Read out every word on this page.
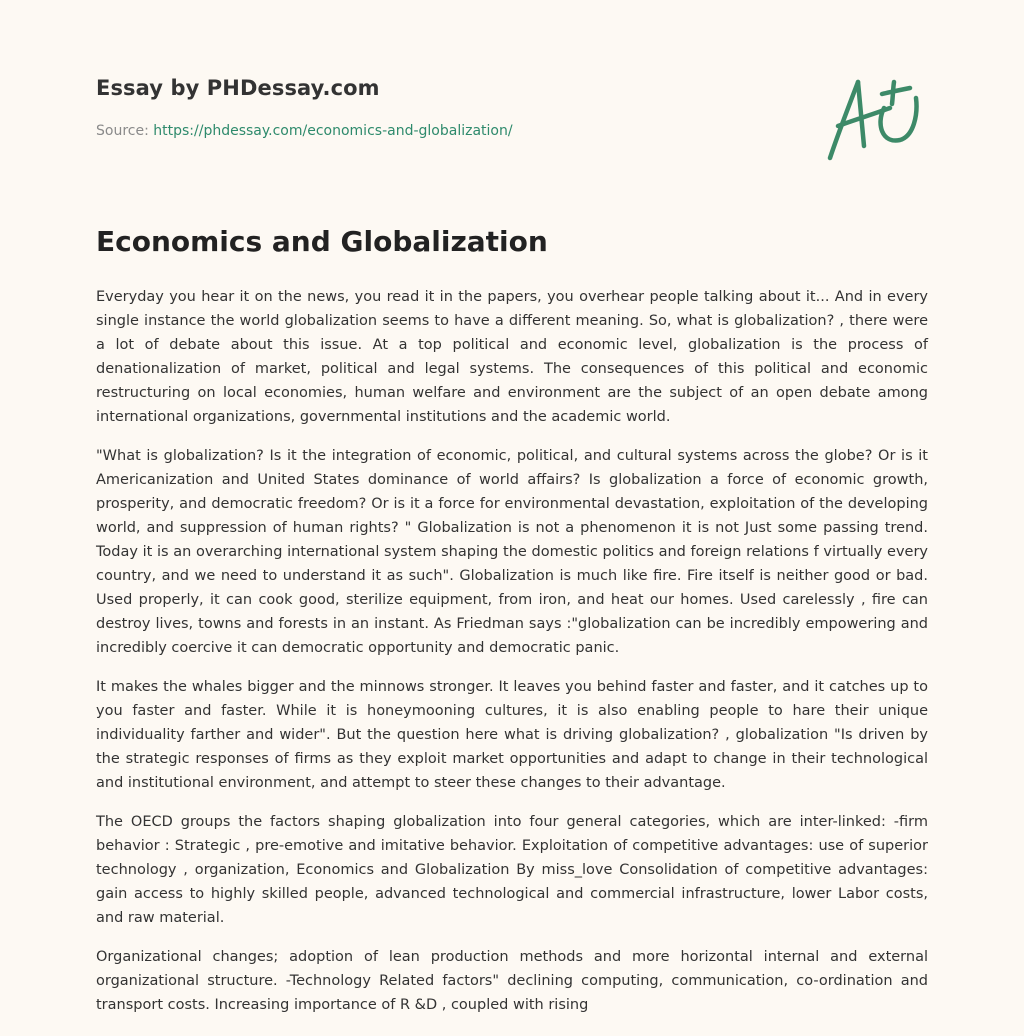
Essay by PHDessay.com
Source: https://phdessay.com/economics-and-globalization/
Economics and Globalization

Everyday you hear it on the news, you read it in the papers, you overhear people talking about it... And in every single instance the world globalization seems to have a different meaning. So, what is globalization? , there were a lot of debate about this issue. At a top political and economic level, globalization is the process of denationalization of market, political and legal systems. The consequences of this political and economic restructuring on local economies, human welfare and environment are the subject of an open debate among international organizations, governmental institutions and the academic world.

"What is globalization? Is it the integration of economic, political, and cultural systems across the globe? Or is it Americanization and United States dominance of world affairs? Is globalization a force of economic growth, prosperity, and democratic freedom? Or is it a force for environmental devastation, exploitation of the developing world, and suppression of human rights? " Globalization is not a phenomenon it is not Just some passing trend. Today it is an overarching international system shaping the domestic politics and foreign relations f virtually every country, and we need to understand it as such". Globalization is much like fire. Fire itself is neither good or bad. Used properly, it can cook good, sterilize equipment, from iron, and heat our homes. Used carelessly , fire can destroy lives, towns and forests in an instant. As Friedman says :"globalization can be incredibly empowering and incredibly coercive it can democratic opportunity and democratic panic.

It makes the whales bigger and the minnows stronger. It leaves you behind faster and faster, and it catches up to you faster and faster. While it is honeymooning cultures, it is also enabling people to hare their unique individuality farther and wider". But the question here what is driving globalization? , globalization "Is driven by the strategic responses of firms as they exploit market opportunities and adapt to change in their technological and institutional environment, and attempt to steer these changes to their advantage.

The OECD groups the factors shaping globalization into four general categories, which are inter-linked: -firm behavior : Strategic , pre-emotive and imitative behavior. Exploitation of competitive advantages: use of superior technology , organization, Economics and Globalization By miss_love Consolidation of competitive advantages: gain access to highly skilled people, advanced technological and commercial infrastructure, lower Labor costs, and raw material.

Organizational changes; adoption of lean production methods and more horizontal internal and external organizational structure. -Technology Related factors" declining computing, communication, co-ordination and transport costs. Increasing importance of R &D , coupled with rising
